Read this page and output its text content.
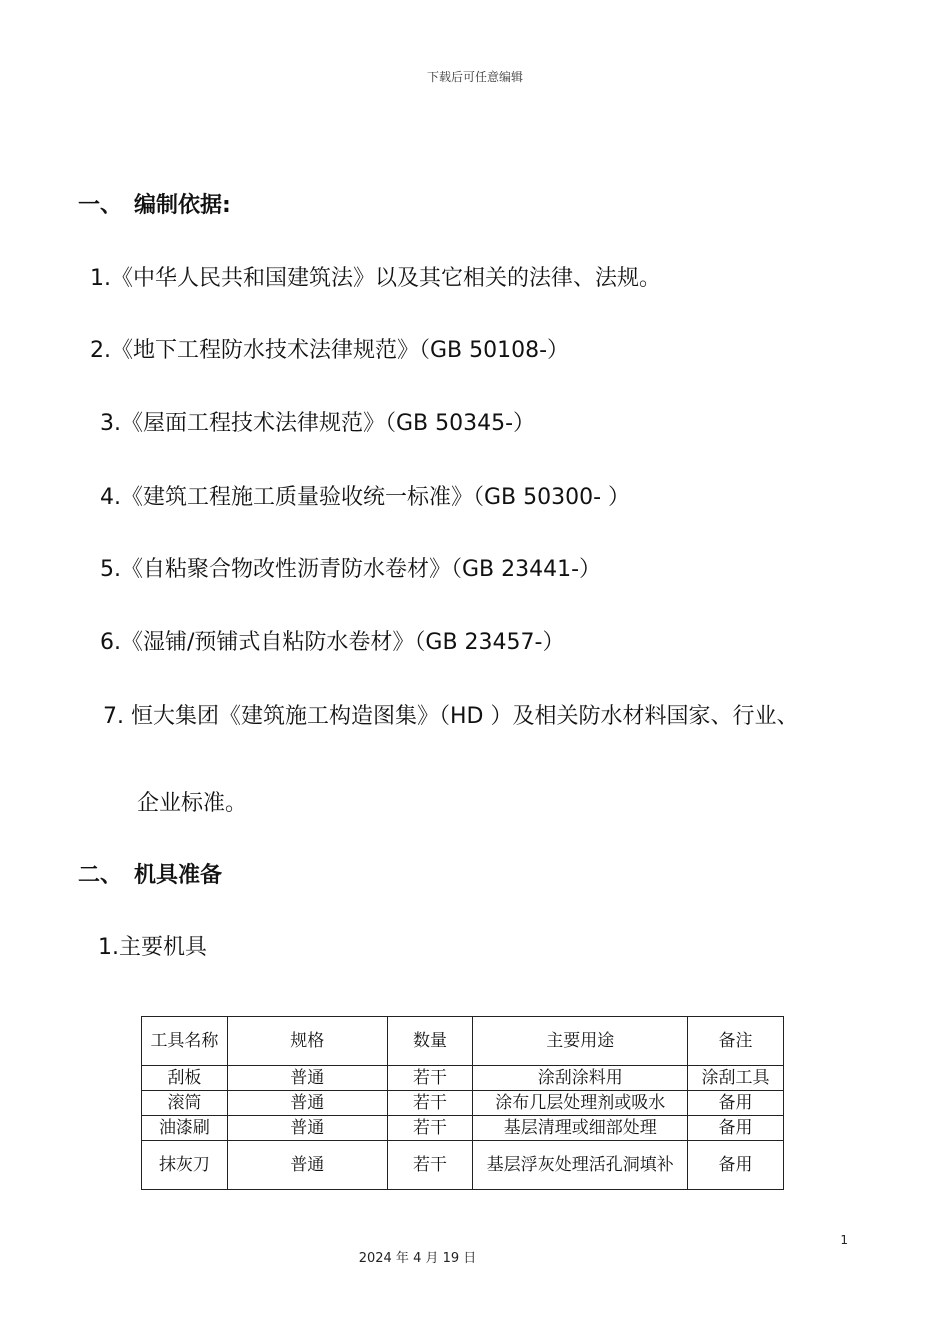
下载后可任意编辑
一、 编制依据:
1.《中华人民共和国建筑法》以及其它相关的法律、法规。
2.《地下工程防水技术法律规范》（GB 50108-）
3.《屋面工程技术法律规范》（GB 50345-）
4.《建筑工程施工质量验收统一标准》（GB 50300- ）
5.《自粘聚合物改性沥青防水卷材》（GB 23441-）
6.《湿铺/预铺式自粘防水卷材》（GB 23457-）
7. 恒大集团《建筑施工构造图集》（HD ）及相关防水材料国家、行业、
企业标准。
二、 机具准备
1.主要机具
工具名称	规格	数量	主要用途	备注
刮板	普通	若干	涂刮涂料用	涂刮工具
滚筒	普通	若干	涂布几层处理剂或吸水	备用
油漆刷	普通	若干	基层清理或细部处理	备用
抹灰刀	普通	若干	基层浮灰处理活孔洞填补	备用
1
2024 年 4 月 19 日
